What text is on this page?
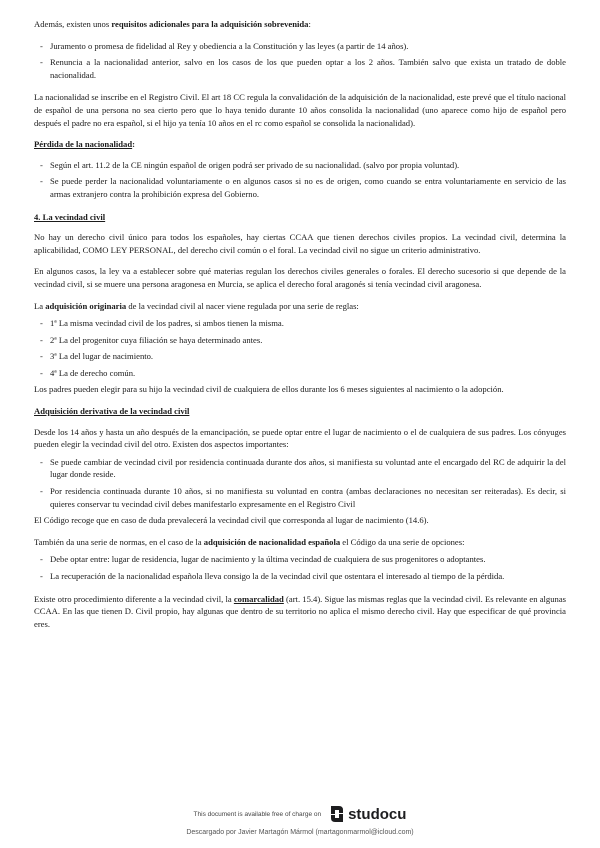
Además, existen unos requisitos adicionales para la adquisición sobrevenida:

- Juramento o promesa de fidelidad al Rey y obediencia a la Constitución y las leyes (a partir de 14 años).
- Renuncia a la nacionalidad anterior, salvo en los casos de los que pueden optar a los 2 años. También salvo que exista un tratado de doble nacionalidad.

La nacionalidad se inscribe en el Registro Civil. El art 18 CC regula la convalidación de la adquisición de la nacionalidad, este prevé que el título nacional de español de una persona no sea cierto pero que lo haya tenido durante 10 años consolida la nacionalidad (uno aparece como hijo de español pero después el padre no era español, si el hijo ya tenía 10 años en el rc como español se consolida la nacionalidad).

Pérdida de la nacionalidad:
- Según el art. 11.2 de la CE ningún español de origen podrá ser privado de su nacionalidad. (salvo por propia voluntad).
- Se puede perder la nacionalidad voluntariamente o en algunos casos si no es de origen, como cuando se entra voluntariamente en servicio de las armas extranjero contra la prohibición expresa del Gobierno.
4. La vecindad civil

No hay un derecho civil único para todos los españoles, hay ciertas CCAA que tienen derechos civiles propios. La vecindad civil, determina la aplicabilidad, COMO LEY PERSONAL, del derecho civil común o el foral. La vecindad civil no sigue un criterio administrativo.

En algunos casos, la ley va a establecer sobre qué materias regulan los derechos civiles generales o forales. El derecho sucesorio si que depende de la vecindad civil, si se muere una persona aragonesa en Murcia, se aplica el derecho foral aragonés si tenía vecindad civil aragonesa.

La adquisición originaria de la vecindad civil al nacer viene regulada por una serie de reglas:

- 1ª La misma vecindad civil de los padres, si ambos tienen la misma.
- 2ª La del progenitor cuya filiación se haya determinado antes.
- 3ª La del lugar de nacimiento.
- 4ª La de derecho común.

Los padres pueden elegir para su hijo la vecindad civil de cualquiera de ellos durante los 6 meses siguientes al nacimiento o la adopción.

Adquisición derivativa de la vecindad civil

Desde los 14 años y hasta un año después de la emancipación, se puede optar entre el lugar de nacimiento o el de cualquiera de sus padres. Los cónyuges pueden elegir la vecindad civil del otro. Existen dos aspectos importantes:

- Se puede cambiar de vecindad civil por residencia continuada durante dos años, si manifiesta su voluntad ante el encargado del RC de adquirir la del lugar donde reside.
- Por residencia continuada durante 10 años, si no manifiesta su voluntad en contra (ambas declaraciones no necesitan ser reiteradas). Es decir, si quieres conservar tu vecindad civil debes manifestarlo expresamente en el Registro Civil

El Código recoge que en caso de duda prevalecerá la vecindad civil que corresponda al lugar de nacimiento (14.6).

También da una serie de normas, en el caso de la adquisición de nacionalidad española el Código da una serie de opciones:

- Debe optar entre: lugar de residencia, lugar de nacimiento y la última vecindad de cualquiera de sus progenitores o adoptantes.
- La recuperación de la nacionalidad española lleva consigo la de la vecindad civil que ostentara el interesado al tiempo de la pérdida.

Existe otro procedimiento diferente a la vecindad civil, la comarcalidad (art. 15.4). Sigue las mismas reglas que la vecindad civil. Es relevante en algunas CCAA. En las que tienen D. Civil propio, hay algunas que dentro de su territorio no aplica el mismo derecho civil. Hay que especificar de qué provincia eres.

This document is available free of charge on studocu
Descargado por Javier Martagón Mármol (martagonmarmol@icloud.com)
